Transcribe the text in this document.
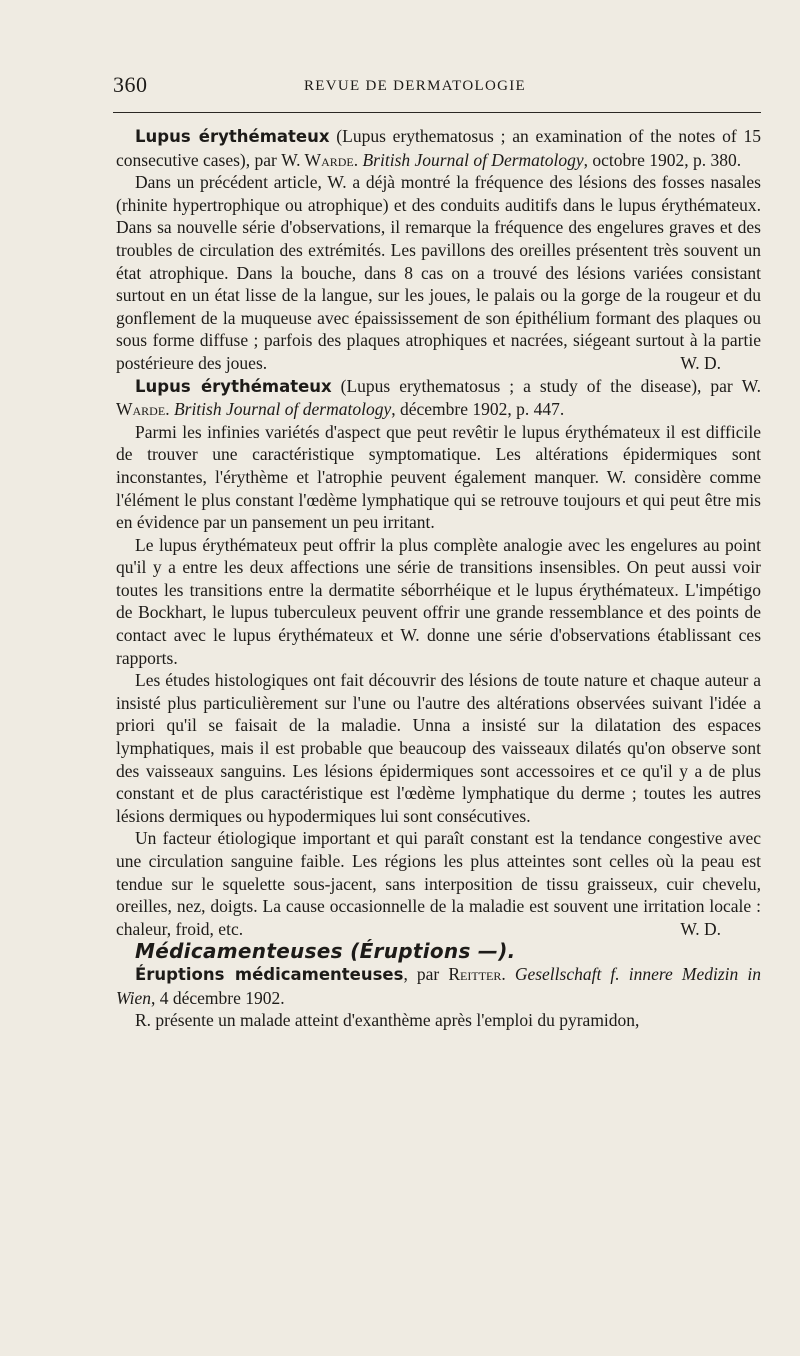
360	REVUE DE DERMATOLOGIE

Lupus érythémateux (Lupus erythematosus ; an examination of the notes of 15 consecutive cases), par W. Warde. British Journal of Dermatology, octobre 1902, p. 380.

Dans un précédent article, W. a déjà montré la fréquence des lésions des fosses nasales (rhinite hypertrophique ou atrophique) et des conduits auditifs dans le lupus érythémateux. Dans sa nouvelle série d'observations, il remarque la fréquence des engelures graves et des troubles de circulation des extrémités. Les pavillons des oreilles présentent très souvent un état atrophique. Dans la bouche, dans 8 cas on a trouvé des lésions variées consistant surtout en un état lisse de la langue, sur les joues, le palais ou la gorge de la rougeur et du gonflement de la muqueuse avec épaississement de son épithélium formant des plaques ou sous forme diffuse ; parfois des plaques atrophiques et nacrées, siégeant surtout à la partie postérieure des joues.	W. D.

Lupus érythémateux (Lupus erythematosus ; a study of the disease), par W. Warde. British Journal of dermatology, décembre 1902, p. 447.

Parmi les infinies variétés d'aspect que peut revêtir le lupus érythémateux il est difficile de trouver une caractéristique symptomatique. Les altérations épidermiques sont inconstantes, l'érythème et l'atrophie peuvent également manquer. W. considère comme l'élément le plus constant l'œdème lymphatique qui se retrouve toujours et qui peut être mis en évidence par un pansement un peu irritant.

Le lupus érythémateux peut offrir la plus complète analogie avec les engelures au point qu'il y a entre les deux affections une série de transitions insensibles. On peut aussi voir toutes les transitions entre la dermatite séborrhéique et le lupus érythémateux. L'impétigo de Bockhart, le lupus tuberculeux peuvent offrir une grande ressemblance et des points de contact avec le lupus érythémateux et W. donne une série d'observations établissant ces rapports.

Les études histologiques ont fait découvrir des lésions de toute nature et chaque auteur a insisté plus particulièrement sur l'une ou l'autre des altérations observées suivant l'idée a priori qu'il se faisait de la maladie. Unna a insisté sur la dilatation des espaces lymphatiques, mais il est probable que beaucoup des vaisseaux dilatés qu'on observe sont des vaisseaux sanguins. Les lésions épidermiques sont accessoires et ce qu'il y a de plus constant et de plus caractéristique est l'œdème lymphatique du derme ; toutes les autres lésions dermiques ou hypodermiques lui sont consécutives.

Un facteur étiologique important et qui paraît constant est la tendance congestive avec une circulation sanguine faible. Les régions les plus atteintes sont celles où la peau est tendue sur le squelette sous-jacent, sans interposition de tissu graisseux, cuir chevelu, oreilles, nez, doigts. La cause occasionnelle de la maladie est souvent une irritation locale : chaleur, froid, etc.	W. D.

Médicamenteuses (Éruptions —).

Éruptions médicamenteuses, par Reitter. Gesellschaft f. innere Medizin in Wien, 4 décembre 1902.

R. présente un malade atteint d'exanthème après l'emploi du pyramidon,
